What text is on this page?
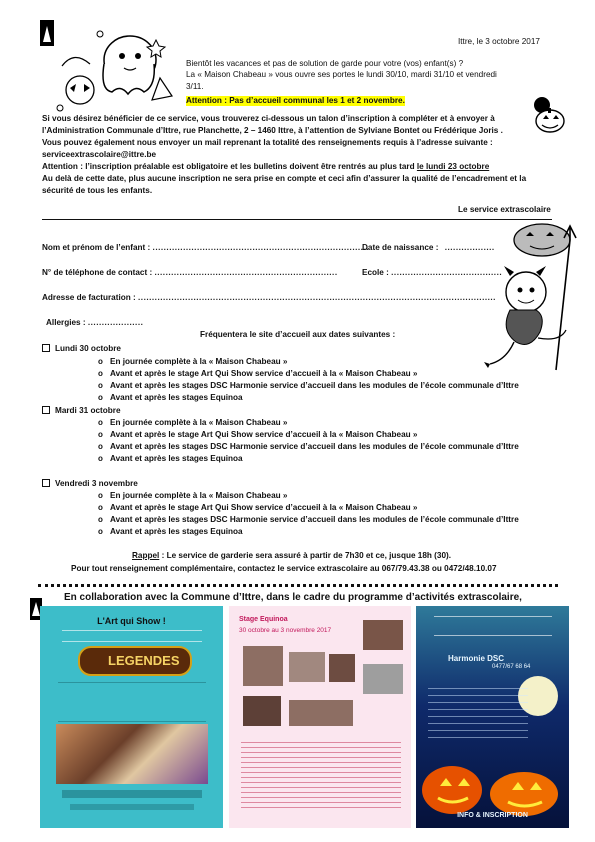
Ittre, le 3 octobre 2017
Bientôt les vacances et pas de solution de garde pour votre (vos) enfant(s) ?
La « Maison Chabeau » vous ouvre ses portes le lundi 30/10, mardi 31/10 et vendredi
3/11.
Attention : Pas d’accueil communal les 1 et 2 novembre.
Si vous désirez bénéficier de ce service, vous trouverez ci-dessous un talon d’inscription à compléter et à envoyer à
l’Administration Communale d’Ittre, rue Planchette, 2 – 1460 Ittre, à l’attention de Sylviane Bontet ou Frédérique Joris .
Vous pouvez également nous envoyer un mail reprenant la totalité des renseignements requis à l’adresse suivante :
serviceextrascolaire@ittre.be
Attention : l’inscription préalable est obligatoire et les bulletins doivent être rentrés au plus tard le lundi 23 octobre
Au delà de cette date, plus aucune inscription ne sera prise en compte et ceci afin d’assurer la qualité de l’encadrement et la
sécurité de tous les enfants.
Le service extrascolaire
Nom et prénom de l’enfant : ..............................................................................
Date de naissance : ..................
N° de téléphone de contact : ..................................................................	Ecole : ........................................
Adresse de facturation : .................................................................................................................................
Allergies : ....................
Fréquentera le site d’accueil aux dates suivantes :
Lundi 30 octobre
o En journée complète à la « Maison Chabeau »
o Avant et après le stage Art Qui Show service d’accueil à la « Maison Chabeau »
o Avant et après les stages DSC Harmonie service d’accueil dans les modules de l’école communale d’Ittre
o Avant et après les stages Equinoa
Mardi 31 octobre
o En journée complète à la « Maison Chabeau »
o Avant et après le stage Art Qui Show service d’accueil à la « Maison Chabeau »
o Avant et après les stages DSC Harmonie service d’accueil dans les modules de l’école communale d’Ittre
o Avant et après les stages Equinoa
Vendredi 3 novembre
o En journée complète à la « Maison Chabeau »
o Avant et après le stage Art Qui Show service d’accueil à la « Maison Chabeau »
o Avant et après les stages DSC Harmonie service d’accueil dans les modules de l’école communale d’Ittre
o Avant et après les stages Equinoa
Rappel : Le service de garderie sera assuré à partir de 7h30 et ce, jusque 18h (30).
Pour tout renseignement complémentaire, contactez le service extrascolaire au 067/79.43.38 ou 0472/48.10.07
En collaboration avec la Commune d’Ittre, dans le cadre du programme d’activités extrascolaire,
L'Art qui Show !
LEGENDES
Stage Equinoa
30 octobre au 3 novembre 2017
Harmonie DSC
0477/67 68 64
INFO & INSCRIPTION
